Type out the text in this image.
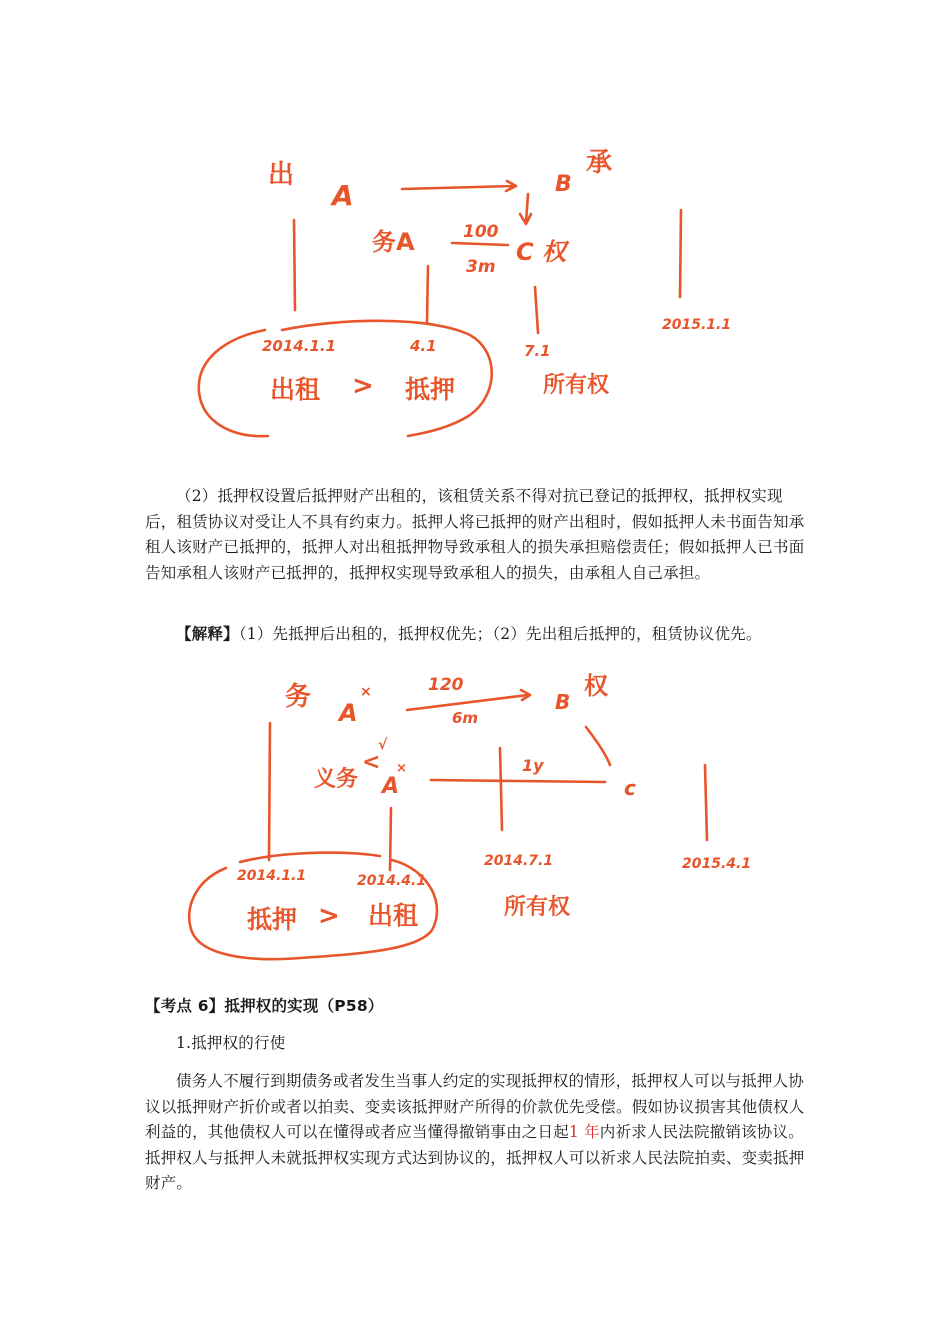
出
A	B
承
务A	100
3m
C 权
2015.1.1
2014.1.1	4.1	7.1
出租 > 抵押	所有权

（2）抵押权设置后抵押财产出租的，该租赁关系不得对抗已登记的抵押权，抵押权实现后，租赁协议对受让人不具有约束力。抵押人将已抵押的财产出租时，假如抵押人未书面告知承租人该财产已抵押的，抵押人对出租抵押物导致承租人的损失承担赔偿责任；假如抵押人已书面告知承租人该财产已抵押的，抵押权实现导致承租人的损失，由承租人自己承担。

【解释】（1）先抵押后出租的，抵押权优先；（2）先出租后抵押的，租赁协议优先。

务
A
×	120
6m
B
权
义务
<
√
A
×	1y
c
2014.7.1	2015.4.1
2014.1.1	2014.4.1
抵押 > 出租	所有权

【考点 6】抵押权的实现（P58）

1.抵押权的行使

债务人不履行到期债务或者发生当事人约定的实现抵押权的情形，抵押权人可以与抵押人协议以抵押财产折价或者以拍卖、变卖该抵押财产所得的价款优先受偿。假如协议损害其他债权人利益的，其他债权人可以在懂得或者应当懂得撤销事由之日起1 年内祈求人民法院撤销该协议。抵押权人与抵押人未就抵押权实现方式达到协议的，抵押权人可以祈求人民法院拍卖、变卖抵押财产。
